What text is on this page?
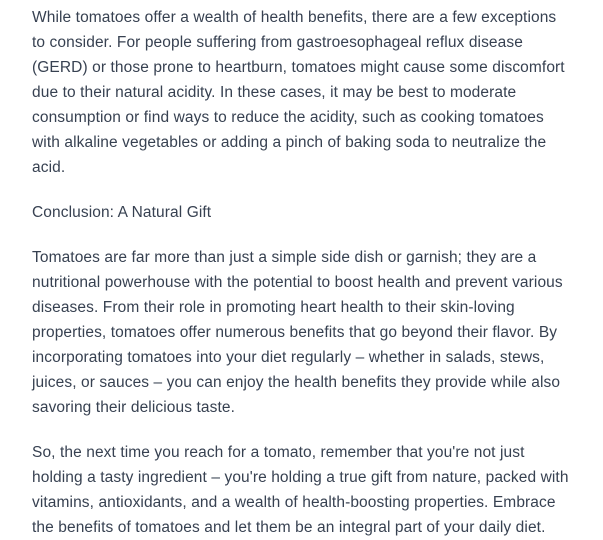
While tomatoes offer a wealth of health benefits, there are a few exceptions to consider. For people suffering from gastroesophageal reflux disease (GERD) or those prone to heartburn, tomatoes might cause some discomfort due to their natural acidity. In these cases, it may be best to moderate consumption or find ways to reduce the acidity, such as cooking tomatoes with alkaline vegetables or adding a pinch of baking soda to neutralize the acid.

Conclusion: A Natural Gift

Tomatoes are far more than just a simple side dish or garnish; they are a nutritional powerhouse with the potential to boost health and prevent various diseases. From their role in promoting heart health to their skin-loving properties, tomatoes offer numerous benefits that go beyond their flavor. By incorporating tomatoes into your diet regularly – whether in salads, stews, juices, or sauces – you can enjoy the health benefits they provide while also savoring their delicious taste.

So, the next time you reach for a tomato, remember that you're not just holding a tasty ingredient – you're holding a true gift from nature, packed with vitamins, antioxidants, and a wealth of health-boosting properties. Embrace the benefits of tomatoes and let them be an integral part of your daily diet.
